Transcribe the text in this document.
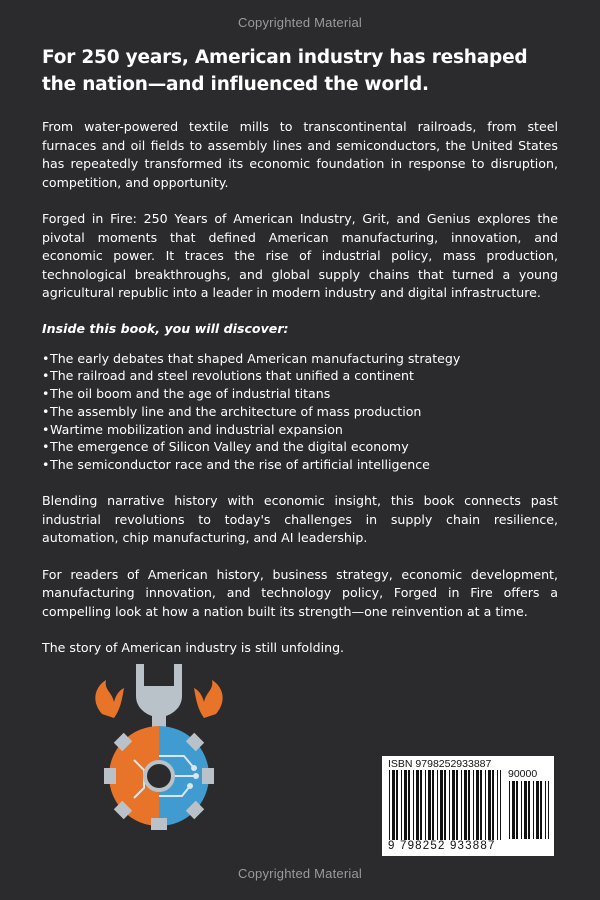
Copyrighted Material
For 250 years, American industry has reshaped the nation—and influenced the world.

From water-powered textile mills to transcontinental railroads, from steel furnaces and oil fields to assembly lines and semiconductors, the United States has repeatedly transformed its economic foundation in response to disruption, competition, and opportunity.

Forged in Fire: 250 Years of American Industry, Grit, and Genius explores the pivotal moments that defined American manufacturing, innovation, and economic power. It traces the rise of industrial policy, mass production, technological breakthroughs, and global supply chains that turned a young agricultural republic into a leader in modern industry and digital infrastructure.

Inside this book, you will discover:

•The early debates that shaped American manufacturing strategy
•The railroad and steel revolutions that unified a continent
•The oil boom and the age of industrial titans
•The assembly line and the architecture of mass production
•Wartime mobilization and industrial expansion
•The emergence of Silicon Valley and the digital economy
•The semiconductor race and the rise of artificial intelligence

Blending narrative history with economic insight, this book connects past industrial revolutions to today's challenges in supply chain resilience, automation, chip manufacturing, and AI leadership.

For readers of American history, business strategy, economic development, manufacturing innovation, and technology policy, Forged in Fire offers a compelling look at how a nation built its strength—one reinvention at a time.

The story of American industry is still unfolding.

ISBN 9798252933887
90000
9 798252 933887
Copyrighted Material
